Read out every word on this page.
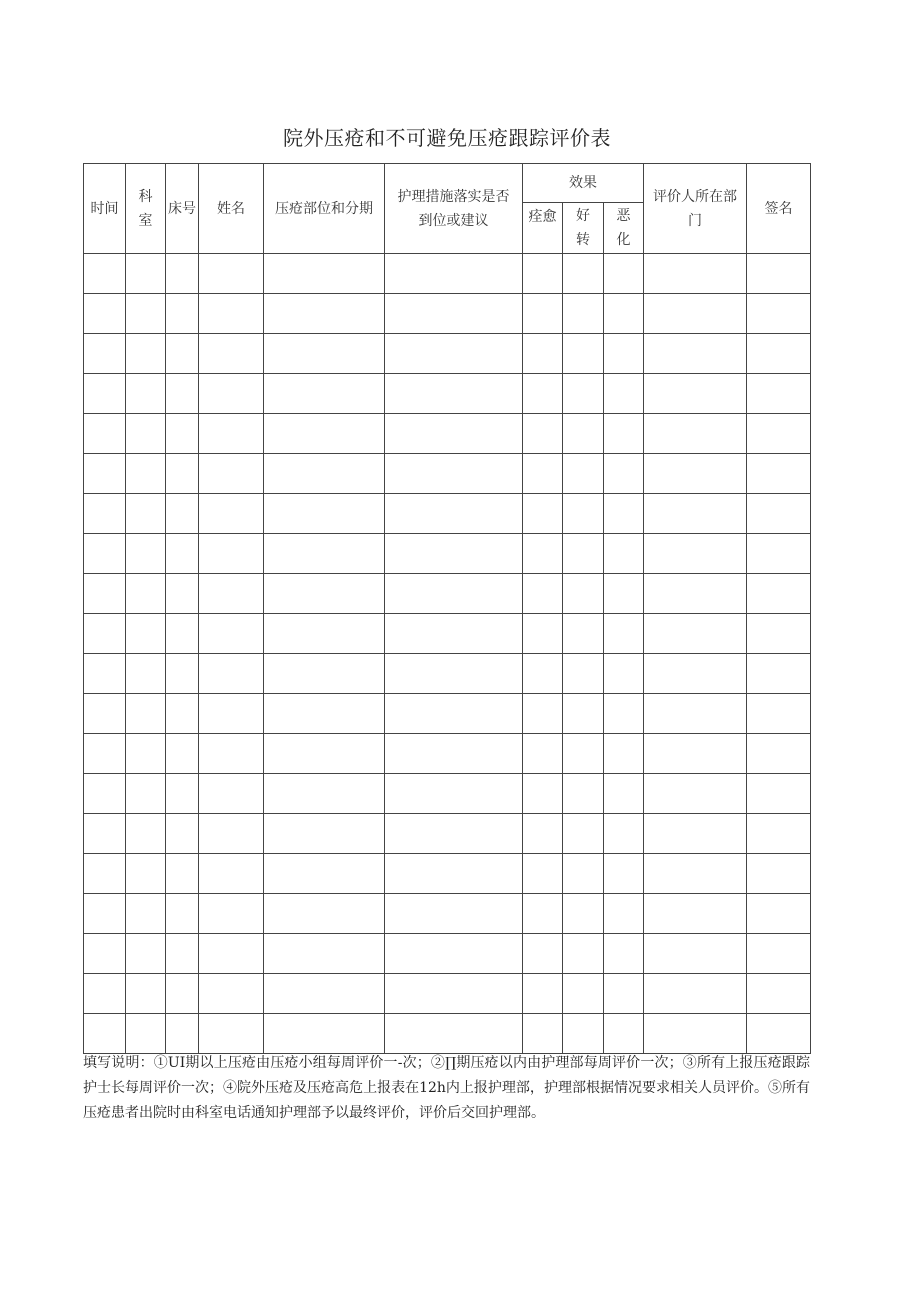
院外压疮和不可避免压疮跟踪评价表
时间	科室	床号	姓名	压疮部位和分期	护理措施落实是否到位或建议	效果			评价人所在部门	签名
						痊愈	好转	恶化		

填写说明：①UI期以上压疮由压疮小组每周评价一-次；②∏期压疮以内由护理部每周评价一次；③所有上报压疮跟踪护士长每周评价一次；④院外压疮及压疮高危上报表在12h内上报护理部，护理部根据情况要求相关人员评价。⑤所有压疮患者出院时由科室电话通知护理部予以最终评价，评价后交回护理部。
